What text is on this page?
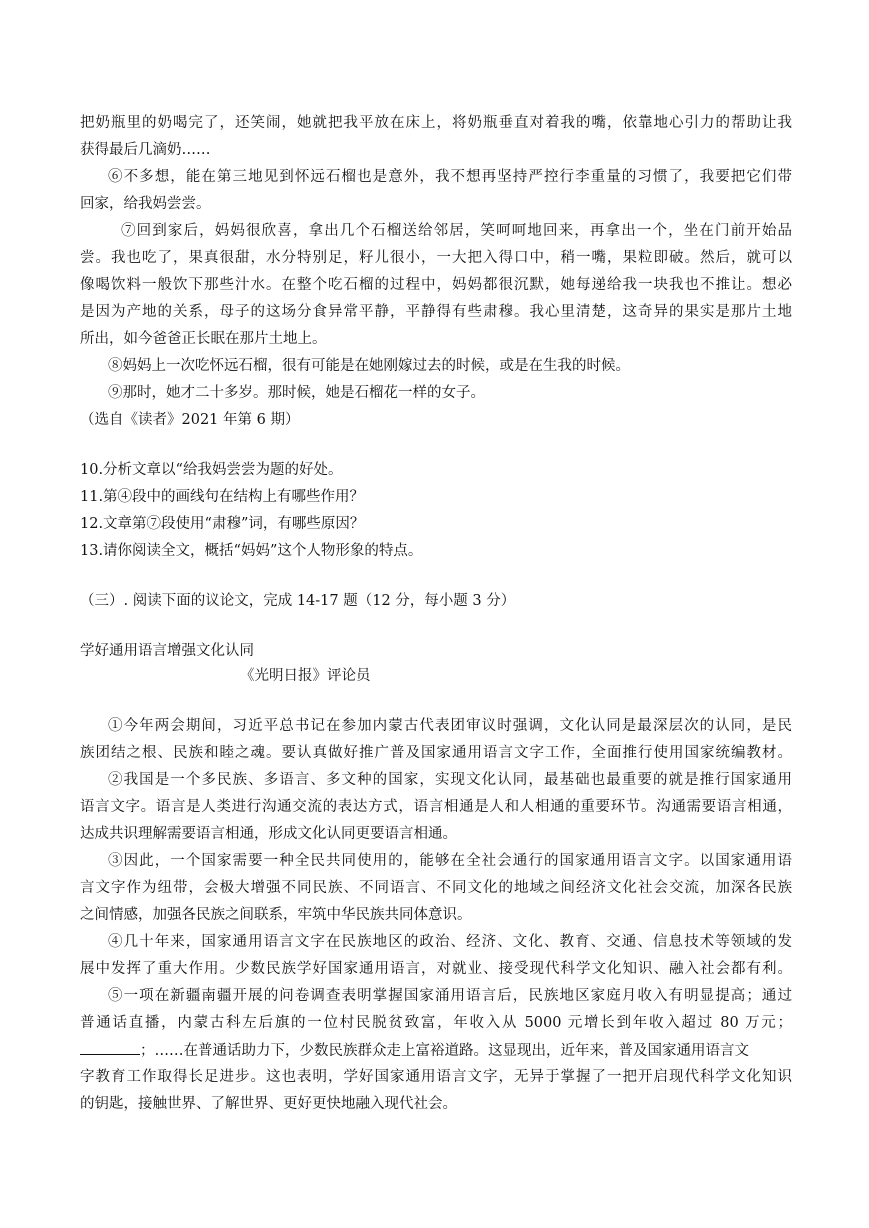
把奶瓶里的奶喝完了，还笑闹，她就把我平放在床上，将奶瓶垂直对着我的嘴，依靠地心引力的帮助让我
获得最后几滴奶……
⑥不多想，能在第三地见到怀远石榴也是意外，我不想再坚持严控行李重量的习惯了，我要把它们带
回家，给我妈尝尝。
⑦回到家后，妈妈很欣喜，拿出几个石榴送给邻居，笑呵呵地回来，再拿出一个，坐在门前开始品
尝。我也吃了，果真很甜，水分特别足，籽儿很小，一大把入得口中，稍一嘴，果粒即破。然后，就可以
像喝饮料一般饮下那些汁水。在整个吃石榴的过程中，妈妈都很沉默，她每递给我一块我也不推让。想必
是因为产地的关系，母子的这场分食异常平静，平静得有些肃穆。我心里清楚，这奇异的果实是那片土地
所出，如今爸爸正长眠在那片土地上。
⑧妈妈上一次吃怀远石榴，很有可能是在她刚嫁过去的时候，或是在生我的时候。
⑨那时，她才二十多岁。那时候，她是石榴花一样的女子。
（选自《读者》2021 年第 6 期）
10.分析文章以“给我妈尝尝为题的好处。
11.第④段中的画线句在结构上有哪些作用？
12.文章第⑦段使用“肃穆”词，有哪些原因？
13.请你阅读全文，概括“妈妈”这个人物形象的特点。
（三）. 阅读下面的议论文，完成 14-17 题（12 分，每小题 3 分）
学好通用语言增强文化认同
《光明日报》评论员
①今年两会期间，习近平总书记在参加内蒙古代表团审议时强调，文化认同是最深层次的认同，是民
族团结之根、民族和睦之魂。要认真做好推广普及国家通用语言文字工作，全面推行使用国家统编教材。
②我国是一个多民族、多语言、多文种的国家，实现文化认同，最基础也最重要的就是推行国家通用
语言文字。语言是人类进行沟通交流的表达方式，语言相通是人和人相通的重要环节。沟通需要语言相通，
达成共识理解需要语言相通，形成文化认同更要语言相通。
③因此，一个国家需要一种全民共同使用的，能够在全社会通行的国家通用语言文字。以国家通用语
言文字作为纽带，会极大增强不同民族、不同语言、不同文化的地域之间经济文化社会交流，加深各民族
之间情感，加强各民族之间联系，牢筑中华民族共同体意识。
④几十年来，国家通用语言文字在民族地区的政治、经济、文化、教育、交通、信息技术等领域的发
展中发挥了重大作用。少数民族学好国家通用语言，对就业、接受现代科学文化知识、融入社会都有利。
⑤一项在新疆南疆开展的问卷调查表明掌握国家涌用语言后，民族地区家庭月收入有明显提高；通过
普通话直播，内蒙古科左后旗的一位村民脱贫致富，年收入从 5000 元增长到年收入超过 80 万元；
；……在普通话助力下，少数民族群众走上富裕道路。这显现出，近年来，普及国家通用语言文
字教育工作取得长足进步。这也表明，学好国家通用语言文字，无异于掌握了一把开启现代科学文化知识
的钥匙，接触世界、了解世界、更好更快地融入现代社会。
